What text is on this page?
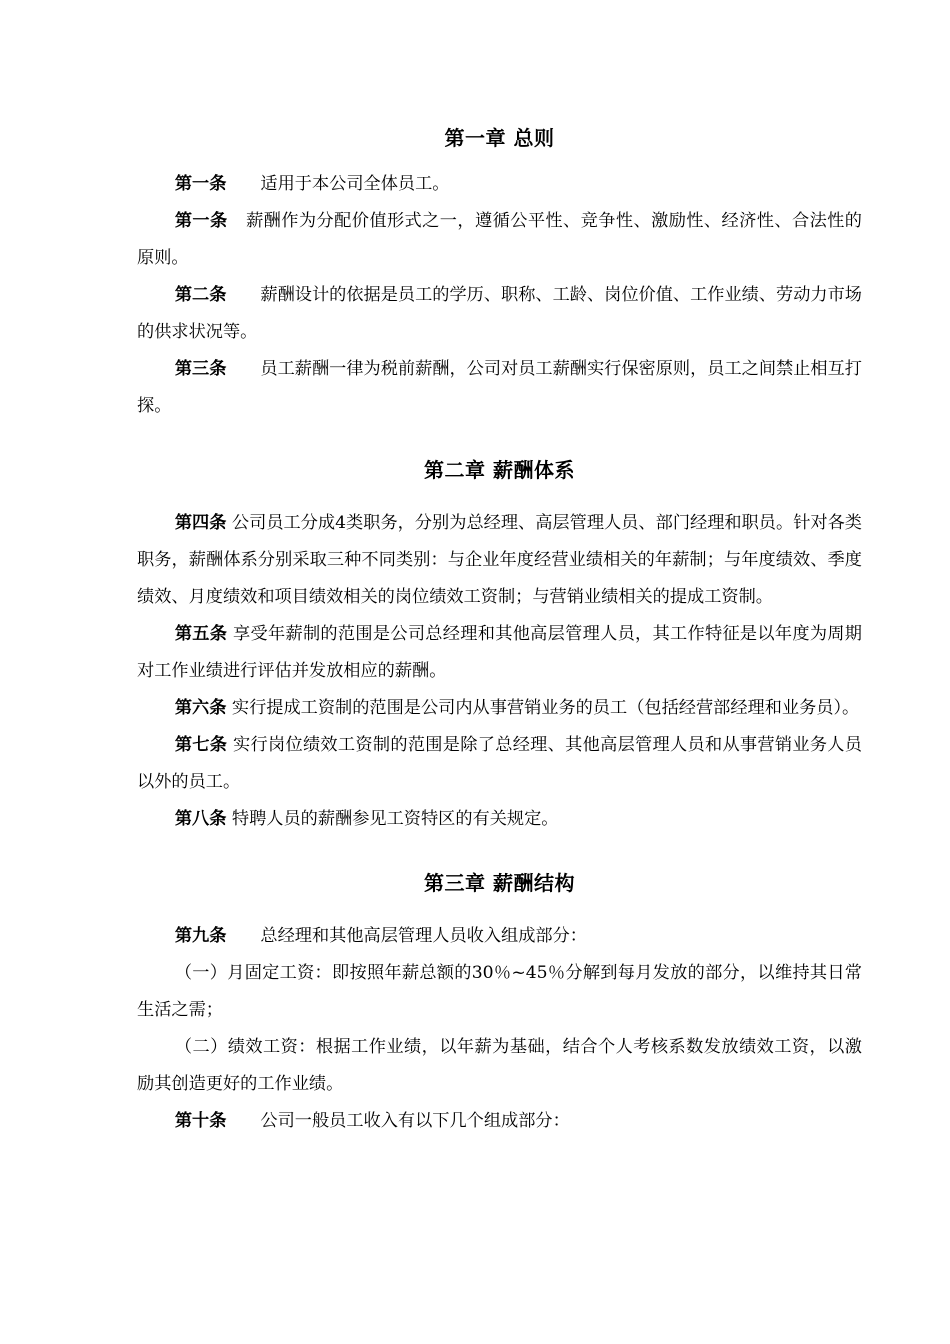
第一章 总则

第一条 适用于本公司全体员工。

第一条 薪酬作为分配价值形式之一，遵循公平性、竞争性、激励性、经济性、合法性的原则。

第二条 薪酬设计的依据是员工的学历、职称、工龄、岗位价值、工作业绩、劳动力市场的供求状况等。

第三条 员工薪酬一律为税前薪酬，公司对员工薪酬实行保密原则，员工之间禁止相互打探。

第二章 薪酬体系

第四条 公司员工分成4类职务，分别为总经理、高层管理人员、部门经理和职员。针对各类职务，薪酬体系分别采取三种不同类别：与企业年度经营业绩相关的年薪制；与年度绩效、季度绩效、月度绩效和项目绩效相关的岗位绩效工资制；与营销业绩相关的提成工资制。

第五条 享受年薪制的范围是公司总经理和其他高层管理人员，其工作特征是以年度为周期对工作业绩进行评估并发放相应的薪酬。

第六条 实行提成工资制的范围是公司内从事营销业务的员工（包括经营部经理和业务员）。

第七条 实行岗位绩效工资制的范围是除了总经理、其他高层管理人员和从事营销业务人员以外的员工。

第八条 特聘人员的薪酬参见工资特区的有关规定。

第三章 薪酬结构

第九条 总经理和其他高层管理人员收入组成部分：

（一）月固定工资：即按照年薪总额的30％~45％分解到每月发放的部分，以维持其日常生活之需；

（二）绩效工资：根据工作业绩，以年薪为基础，结合个人考核系数发放绩效工资，以激励其创造更好的工作业绩。

第十条 公司一般员工收入有以下几个组成部分：
